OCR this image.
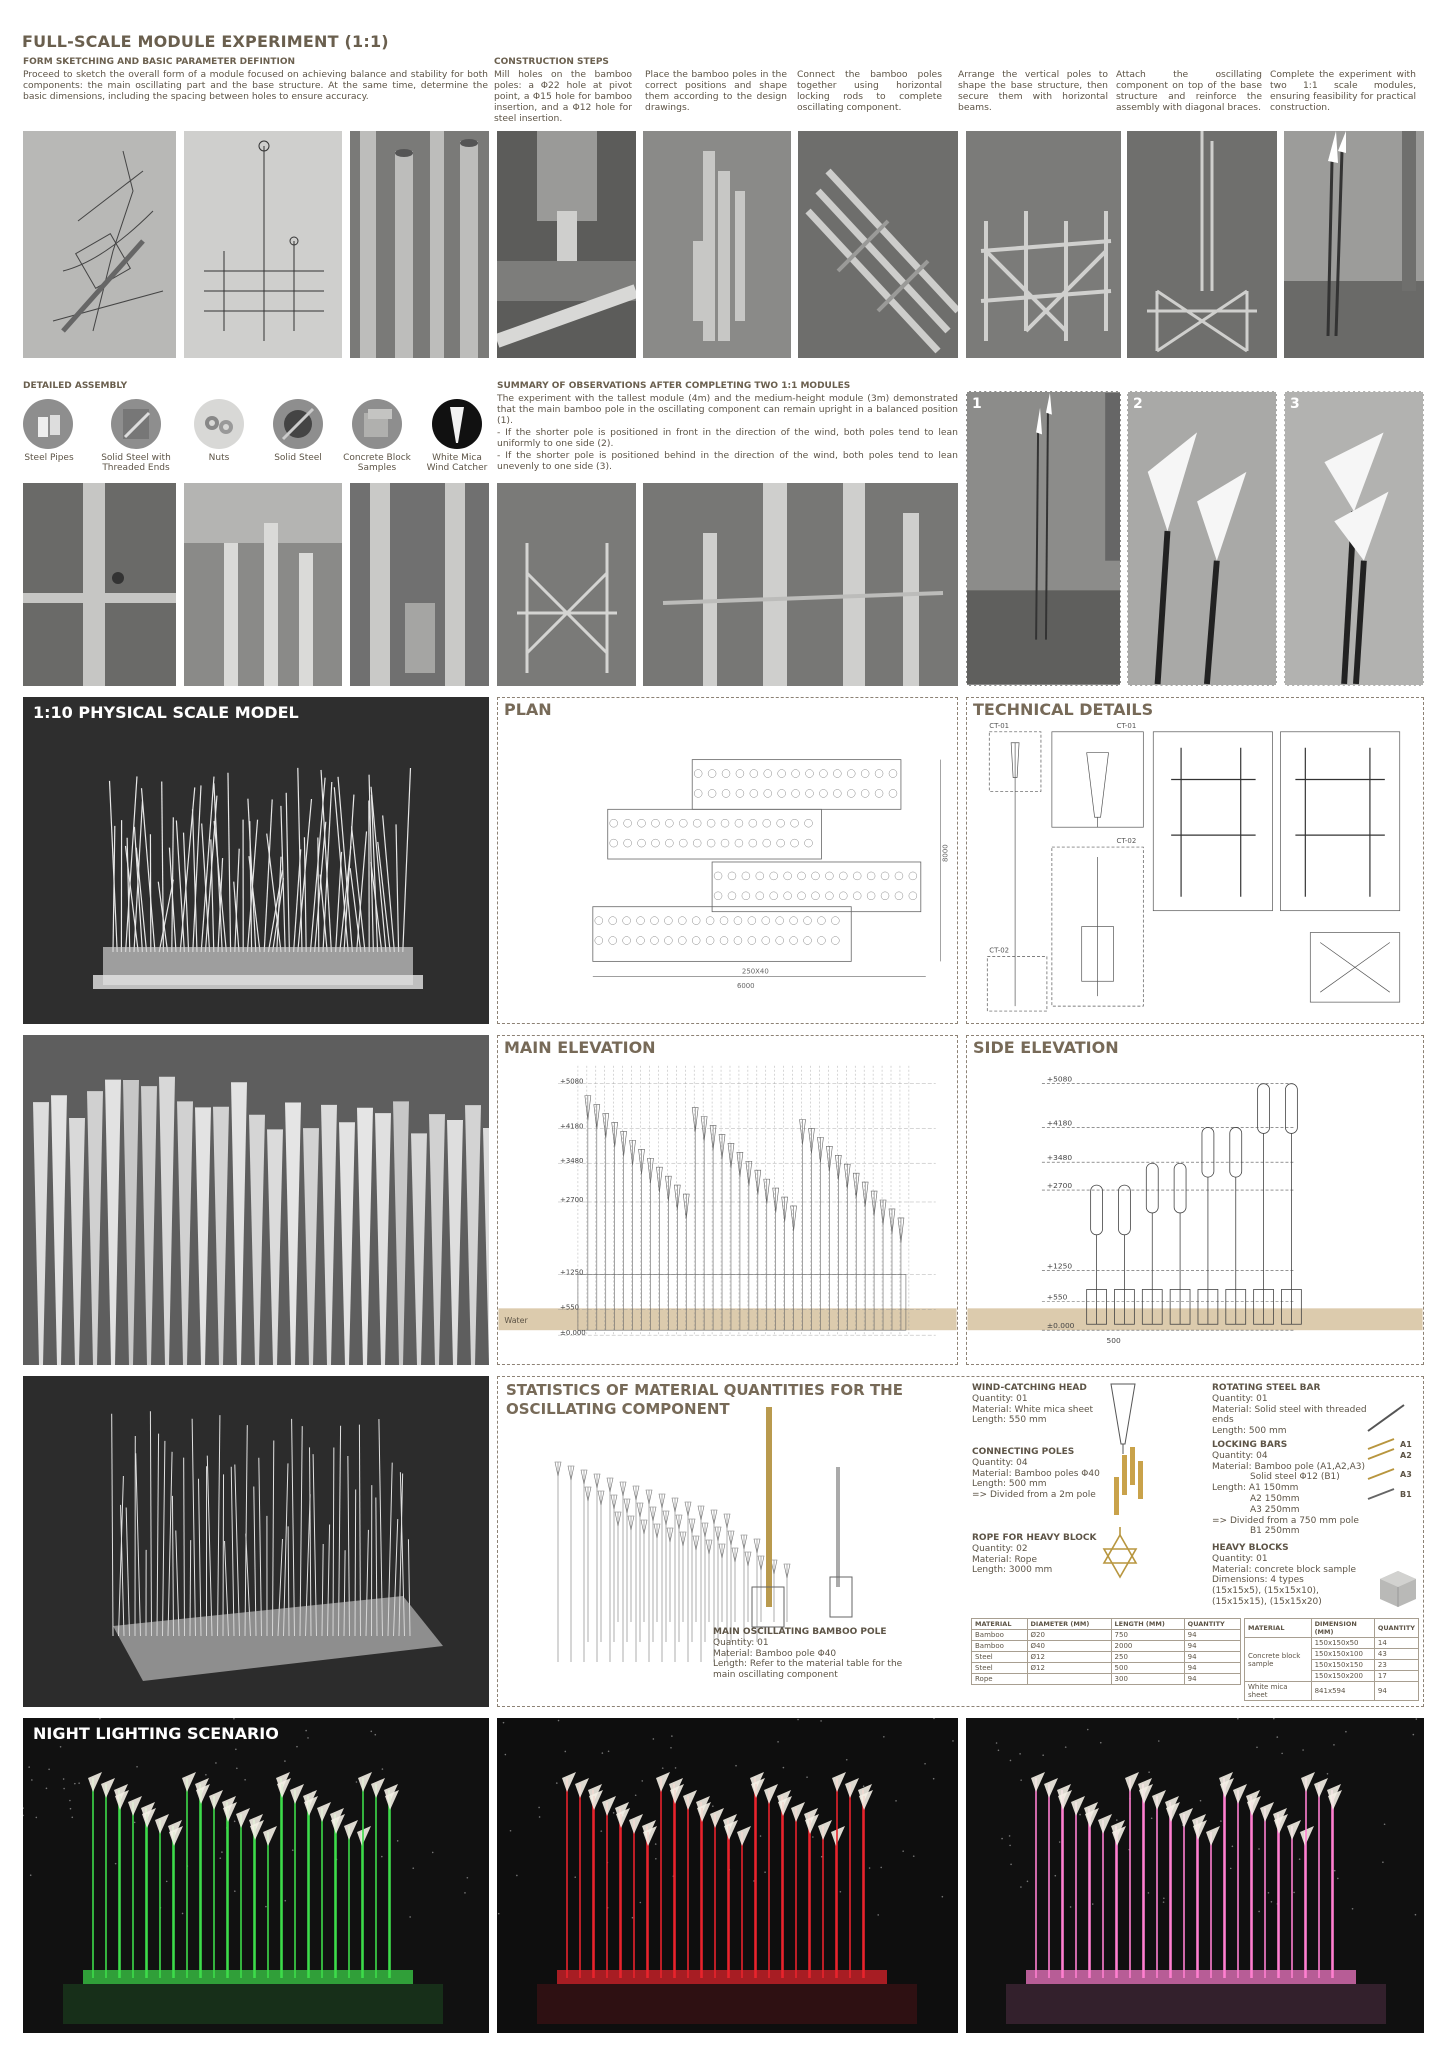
FULL-SCALE MODULE EXPERIMENT (1:1)
FORM SKETCHING AND BASIC PARAMETER DEFINTION
Proceed to sketch the overall form of a module focused on achieving balance and stability for both components: the main oscillating part and the base structure. At the same time, determine the basic dimensions, including the spacing between holes to ensure accuracy.
CONSTRUCTION STEPS
Mill holes on the bamboo poles: a Φ22 hole at pivot point, a Φ15 hole for bamboo insertion, and a Φ12 hole for steel insertion.
Place the bamboo poles in the correct positions and shape them according to the design drawings.
Connect the bamboo poles together using horizontal locking rods to complete oscillating component.
Arrange the vertical poles to shape the base structure, then secure them with horizontal beams.
Attach the oscillating component on top of the base structure and reinforce the assembly with diagonal braces.
Complete the experiment with two 1:1 scale modules, ensuring feasibility for practical construction.
DETAILED ASSEMBLY
Steel Pipes	Solid Steel with Threaded Ends
Nuts	Solid Steel	Concrete Block Samples
White Mica Wind Catcher
SUMMARY OF OBSERVATIONS AFTER COMPLETING TWO 1:1 MODULES
The experiment with the tallest module (4m) and the medium-height module (3m) demonstrated that the main bamboo pole in the oscillating component can remain upright in a balanced position (1).
- If the shorter pole is positioned in front in the direction of the wind, both poles tend to lean uniformly to one side (2).
- If the shorter pole is positioned behind in the direction of the wind, both poles tend to lean unevenly to one side (3).
1	2	3
1:10 PHYSICAL SCALE MODEL	PLAN
250X40
6000
8000
TECHNICAL DETAILS
CT-01	CT-01
CT-02
CT-02
MAIN ELEVATION
Water
+5080
+4180
+3480
+2700
+1250
+550
±0.000
SIDE ELEVATION
+5080
+4180
+3480
+2700
+1250
+550
±0.000
500
STATISTICS OF MATERIAL QUANTITIES FOR THE OSCILLATING COMPONENT
MAIN OSCILLATING BAMBOO POLE
Quantity: 01
Material: Bamboo pole Φ40
Length: Refer to the material table for the main oscillating component
WIND-CATCHING HEAD
Quantity: 01
Material: White mica sheet
Length: 550 mm
CONNECTING POLES
Quantity: 04
Material: Bamboo poles Φ40
Length: 500 mm
=> Divided from a 2m pole
ROPE FOR HEAVY BLOCK
Quantity: 02
Material: Rope
Length: 3000 mm
ROTATING STEEL BAR
Quantity: 01
Material: Solid steel with threaded ends
Length: 500 mm
LOCKING BARS
Quantity: 04
Material: Bamboo pole (A1,A2,A3)
Solid steel Φ12 (B1)
Length: A1 150mm
A2 150mm
A3 250mm
=> Divided from a 750 mm pole
B1 250mm
A1
A2
A3
B1
HEAVY BLOCKS
Quantity: 01
Material: concrete block sample
Dimensions: 4 types
(15x15x5), (15x15x10), (15x15x15), (15x15x20)
MATERIAL	DIAMETER (MM)	LENGTH (MM)	QUANTITY
Bamboo	Ø20	750	94
Bamboo	Ø40	2000	94
Steel	Ø12	250	94
Steel	Ø12	500	94
Rope		300	94
MATERIAL	DIMENSION (MM)	QUANTITY
Concrete block sample	150x150x50	14
	150x150x100	43
	150x150x150	23
	150x150x200	17
White mica sheet	841x594	94
NIGHT LIGHTING SCENARIO
